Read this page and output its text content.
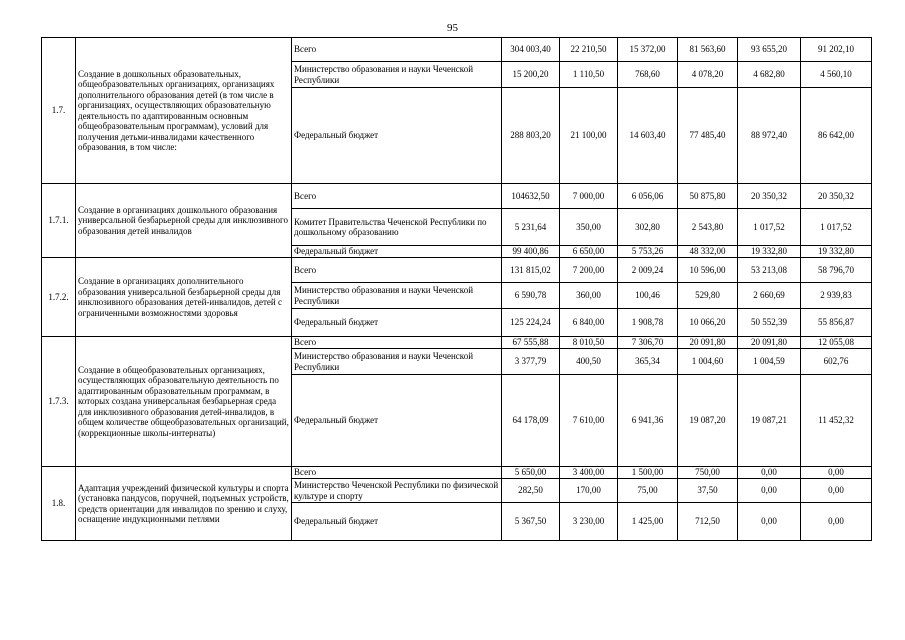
95
1.7.	Создание в дошкольных образовательных, общеобразовательных организациях, организациях дополнительного образования детей (в том числе в организациях, осуществляющих образовательную деятельность по адаптированным основным общеобразовательным программам), условий для получения детьми-инвалидами качественного образования, в том числе:	Всего	304 003,40	22 210,50	15 372,00	81 563,60	93 655,20	91 202,10
		Министерство образования и науки Чеченской Республики	15 200,20	1 110,50	768,60	4 078,20	4 682,80	4 560,10
		Федеральный бюджет	288 803,20	21 100,00	14 603,40	77 485,40	88 972,40	86 642,00
1.7.1.	Создание в организациях дошкольного образования универсальной безбарьерной среды для инклюзивного образования детей инвалидов	Всего	104632,50	7 000,00	6 056,06	50 875,80	20 350,32	20 350,32
		Комитет Правительства Чеченской Республики по дошкольному образованию	5 231,64	350,00	302,80	2 543,80	1 017,52	1 017,52
		Федеральный бюджет	99 400,86	6 650,00	5 753,26	48 332,00	19 332,80	19 332,80
1.7.2.	Создание в организациях дополнительного образования универсальной безбарьерной среды для инклюзивного образования детей-инвалидов, детей с ограниченными возможностями здоровья	Всего	131 815,02	7 200,00	2 009,24	10 596,00	53 213,08	58 796,70
		Министерство образования и науки Чеченской Республики	6 590,78	360,00	100,46	529,80	2 660,69	2 939,83
		Федеральный бюджет	125 224,24	6 840,00	1 908,78	10 066,20	50 552,39	55 856,87
1.7.3.	Создание в общеобразовательных организациях, осуществляющих образовательную деятельность по адаптированным образовательным программам, в которых создана универсальная безбарьерная среда для инклюзивного образования детей-инвалидов, в общем количестве общеобразовательных организаций, (коррекционные школы-интернаты)	Всего	67 555,88	8 010,50	7 306,70	20 091,80	20 091,80	12 055,08
		Министерство образования и науки Чеченской Республики	3 377,79	400,50	365,34	1 004,60	1 004,59	602,76
		Федеральный бюджет	64 178,09	7 610,00	6 941,36	19 087,20	19 087,21	11 452,32
1.8.	Адаптация учреждений физической культуры и спорта (установка пандусов, поручней, подъемных устройств, средств ориентации для инвалидов по зрению и слуху, оснащение индукционными петлями	Всего	5 650,00	3 400,00	1 500,00	750,00	0,00	0,00
		Министерство Чеченской Республики по физической культуре и спорту	282,50	170,00	75,00	37,50	0,00	0,00
		Федеральный бюджет	5 367,50	3 230,00	1 425,00	712,50	0,00	0,00
